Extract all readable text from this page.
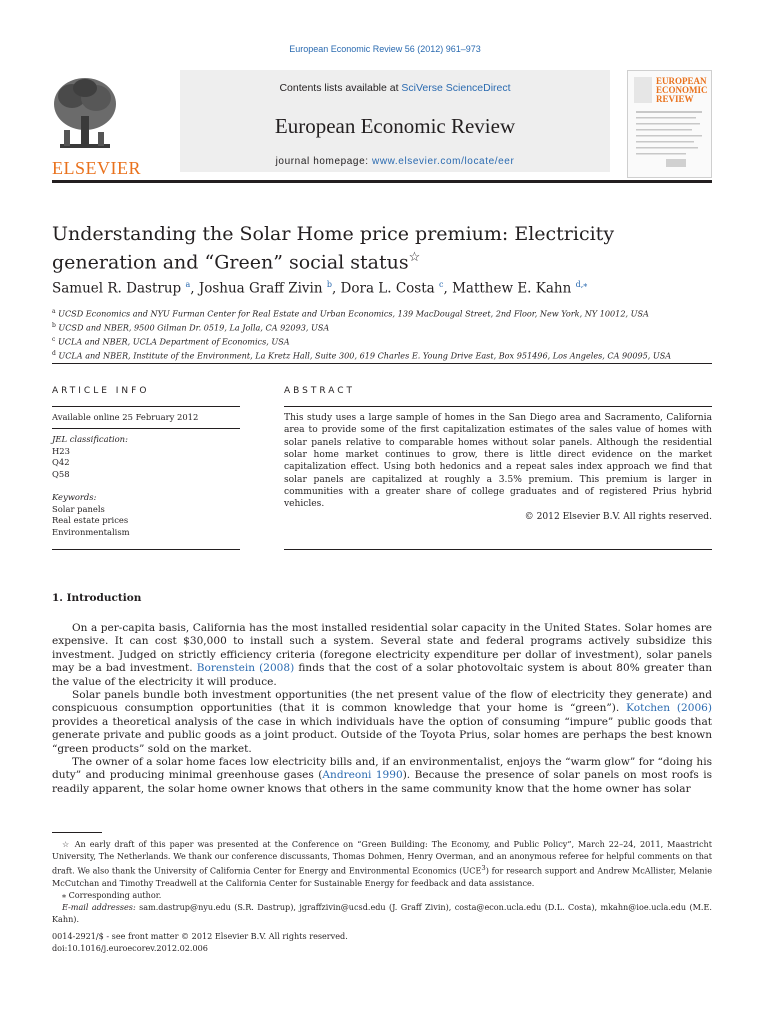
European Economic Review 56 (2012) 961–973
ELSEVIER
Contents lists available at SciVerse ScienceDirect
European Economic Review
journal homepage: www.elsevier.com/locate/eer
EUROPEAN ECONOMIC REVIEW
Understanding the Solar Home price premium: Electricity generation and “Green” social status☆
Samuel R. Dastrup $^a$, Joshua Graff Zivin $^b$, Dora L. Costa $^c$, Matthew E. Kahn $^{d,⁎}$
$^a$ UCSD Economics and NYU Furman Center for Real Estate and Urban Economics, 139 MacDougal Street, 2nd Floor, New York, NY 10012, USA
$^b$ UCSD and NBER, 9500 Gilman Dr. 0519, La Jolla, CA 92093, USA
$^c$ UCLA and NBER, UCLA Department of Economics, USA
$^d$ UCLA and NBER, Institute of the Environment, La Kretz Hall, Suite 300, 619 Charles E. Young Drive East, Box 951496, Los Angeles, CA 90095, USA
ARTICLE INFO	ABSTRACT
Available online 25 February 2012
JEL classification:
H23
Q42
Q58
Keywords:
Solar panels
Real estate prices
Environmentalism
This study uses a large sample of homes in the San Diego area and Sacramento, California area to provide some of the first capitalization estimates of the sales value of homes with solar panels relative to comparable homes without solar panels. Although the residential solar home market continues to grow, there is little direct evidence on the market capitalization effect. Using both hedonics and a repeat sales index approach we find that solar panels are capitalized at roughly a 3.5% premium. This premium is larger in communities with a greater share of college graduates and of registered Prius hybrid vehicles.
© 2012 Elsevier B.V. All rights reserved.
1. Introduction

On a per-capita basis, California has the most installed residential solar capacity in the United States. Solar homes are expensive. It can cost $30,000 to install such a system. Several state and federal programs actively subsidize this investment. Judged on strictly efficiency criteria (foregone electricity expenditure per dollar of investment), solar panels may be a bad investment. Borenstein (2008) finds that the cost of a solar photovoltaic system is about 80% greater than the value of the electricity it will produce.

Solar panels bundle both investment opportunities (the net present value of the flow of electricity they generate) and conspicuous consumption opportunities (that it is common knowledge that your home is “green”). Kotchen (2006) provides a theoretical analysis of the case in which individuals have the option of consuming “impure” public goods that generate private and public goods as a joint product. Outside of the Toyota Prius, solar homes are perhaps the best known “green products” sold on the market.

The owner of a solar home faces low electricity bills and, if an environmentalist, enjoys the “warm glow” for “doing his duty” and producing minimal greenhouse gases (Andreoni 1990). Because the presence of solar panels on most roofs is readily apparent, the solar home owner knows that others in the same community know that the home owner has solar

☆ An early draft of this paper was presented at the Conference on “Green Building: The Economy, and Public Policy”, March 22–24, 2011, Maastricht University, The Netherlands. We thank our conference discussants, Thomas Dohmen, Henry Overman, and an anonymous referee for helpful comments on that draft. We also thank the University of California Center for Energy and Environmental Economics (UCE$^3$) for research support and Andrew McAllister, Melanie McCutchan and Timothy Treadwell at the California Center for Sustainable Energy for feedback and data assistance.

⁎ Corresponding author.

E-mail addresses: sam.dastrup@nyu.edu (S.R. Dastrup), jgraffzivin@ucsd.edu (J. Graff Zivin), costa@econ.ucla.edu (D.L. Costa), mkahn@ioe.ucla.edu (M.E. Kahn).

0014-2921/$ - see front matter © 2012 Elsevier B.V. All rights reserved.
doi:10.1016/j.euroecorev.2012.02.006
